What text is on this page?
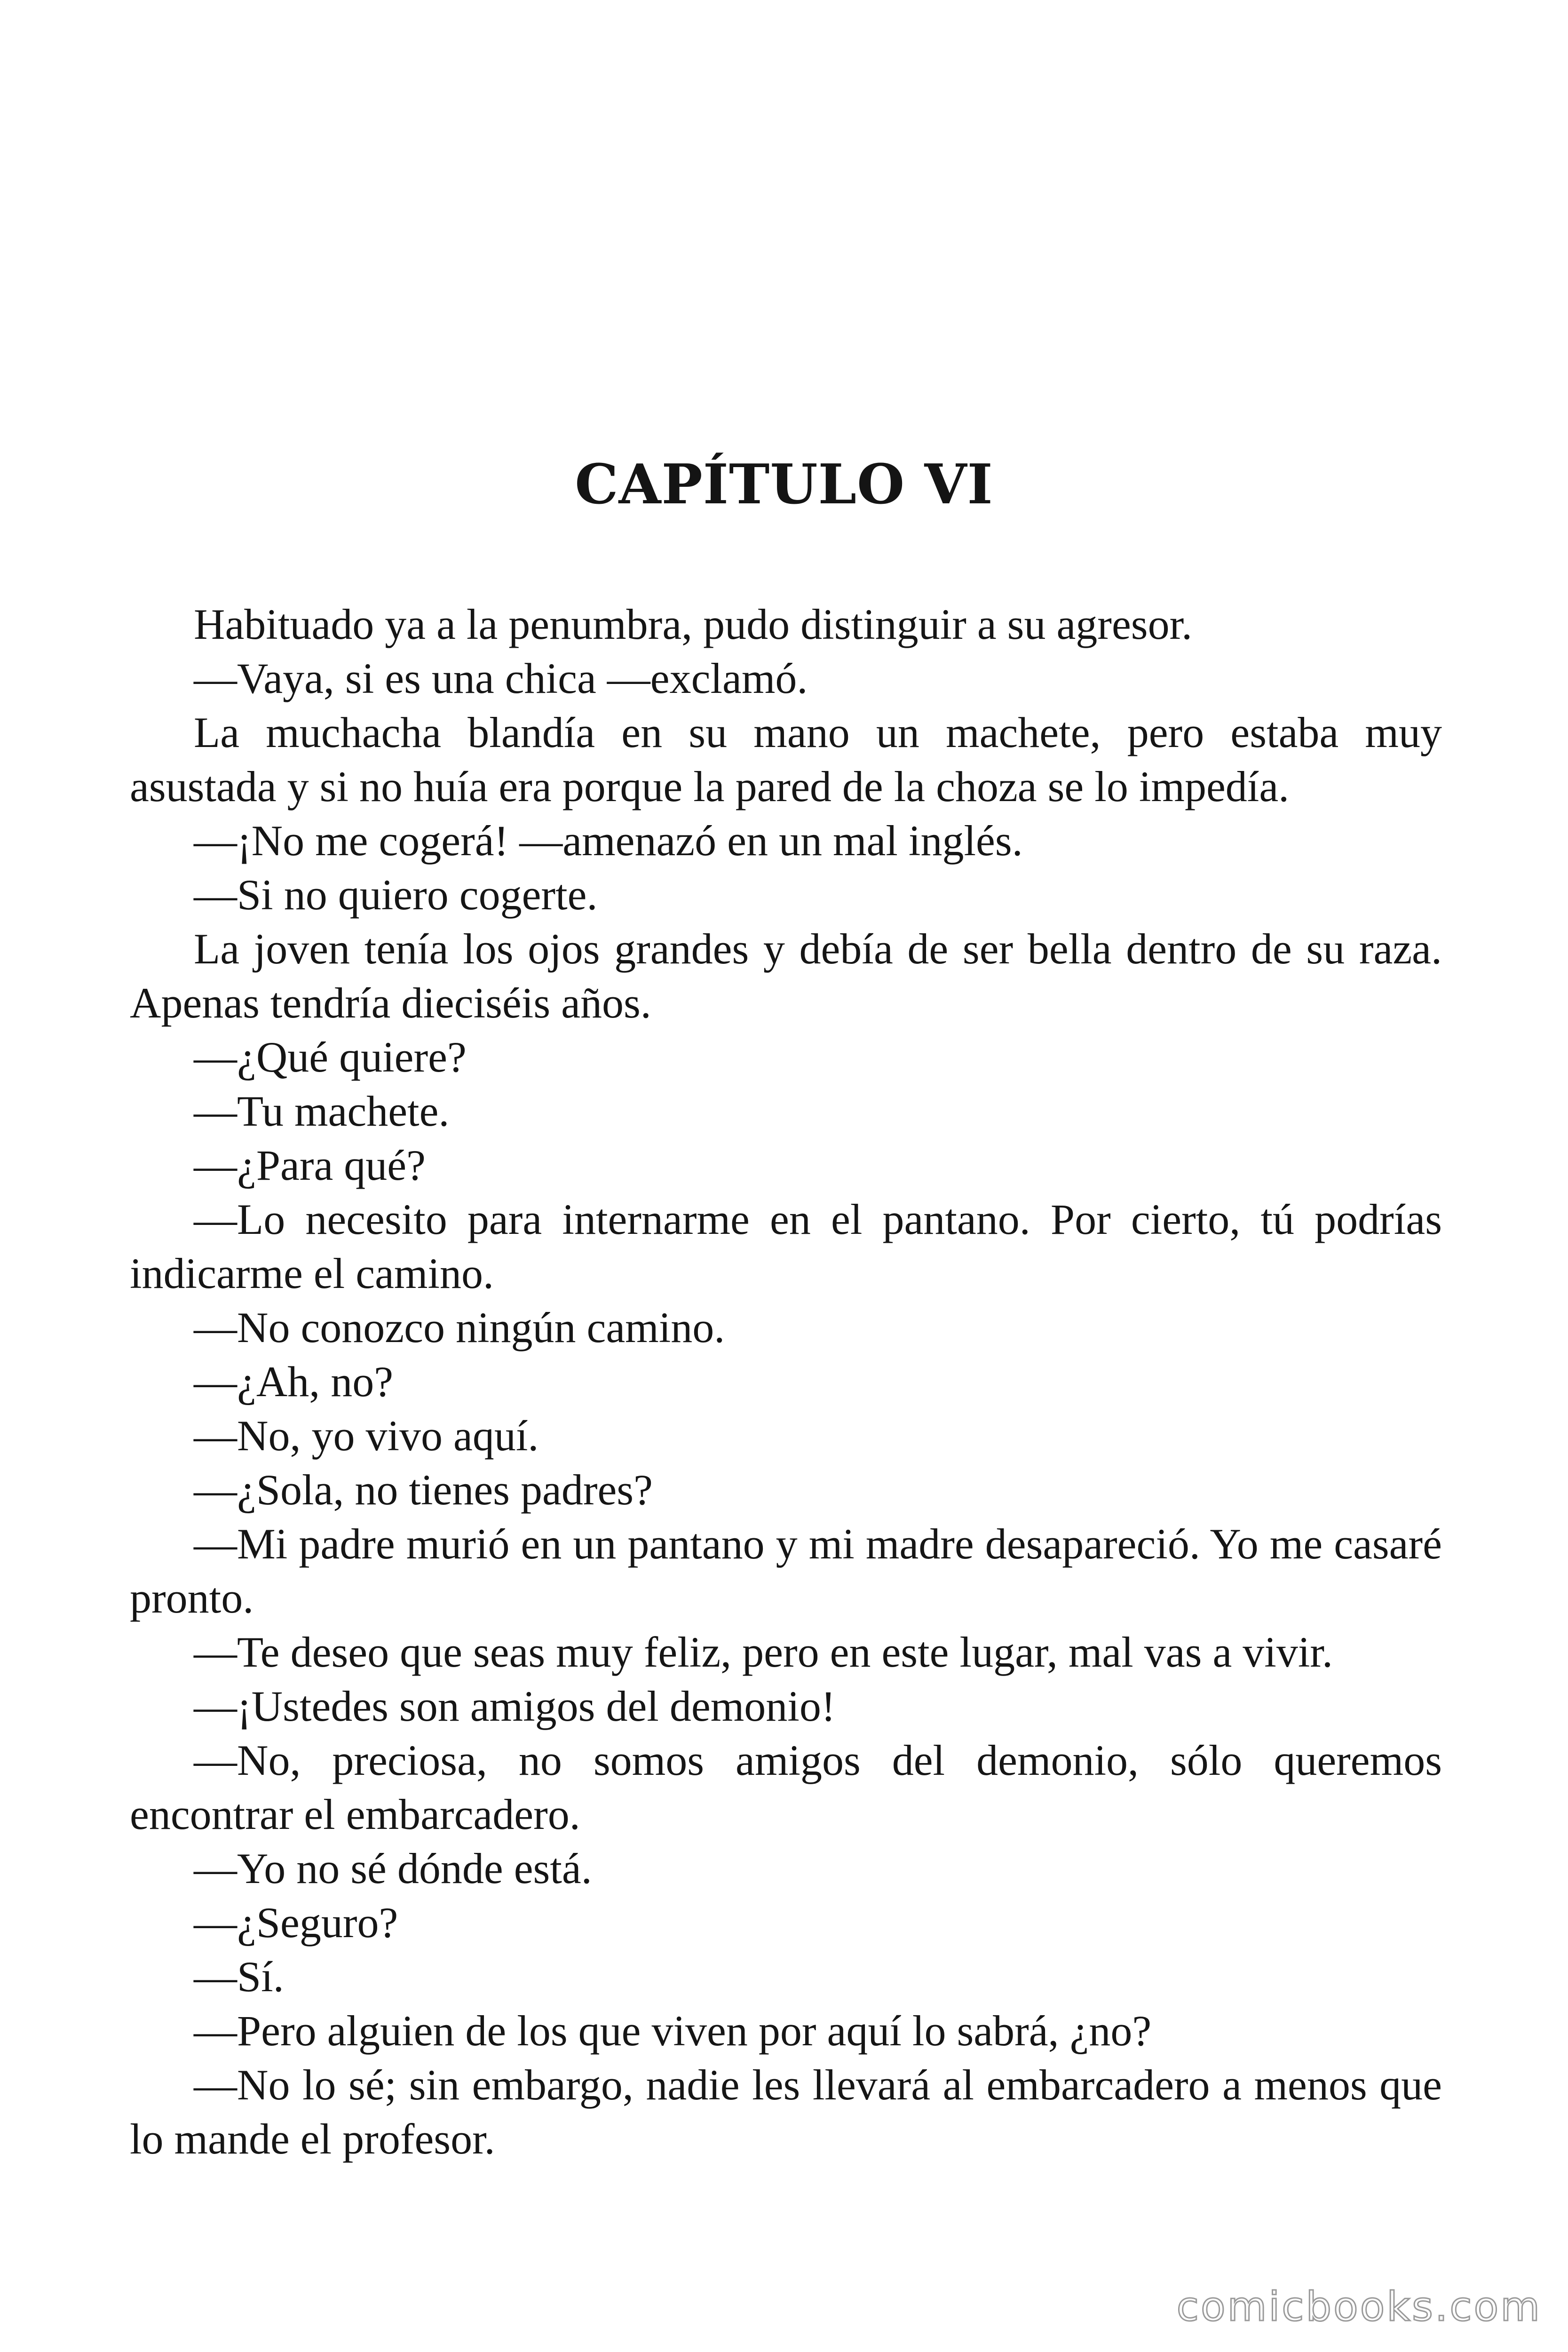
CAPÍTULO VI

Habituado ya a la penumbra, pudo distinguir a su agresor.

—Vaya, si es una chica —exclamó.

La muchacha blandía en su mano un machete, pero estaba muy asustada y si no huía era porque la pared de la choza se lo impedía.

—¡No me cogerá! —amenazó en un mal inglés.

—Si no quiero cogerte.

La joven tenía los ojos grandes y debía de ser bella dentro de su raza. Apenas tendría dieciséis años.

—¿Qué quiere?

—Tu machete.

—¿Para qué?

—Lo necesito para internarme en el pantano. Por cierto, tú podrías indicarme el camino.

—No conozco ningún camino.

—¿Ah, no?

—No, yo vivo aquí.

—¿Sola, no tienes padres?

—Mi padre murió en un pantano y mi madre desapareció. Yo me casaré pronto.

—Te deseo que seas muy feliz, pero en este lugar, mal vas a vivir.

—¡Ustedes son amigos del demonio!

—No, preciosa, no somos amigos del demonio, sólo queremos encontrar el embarcadero.

—Yo no sé dónde está.

—¿Seguro?

—Sí.

—Pero alguien de los que viven por aquí lo sabrá, ¿no?

—No lo sé; sin embargo, nadie les llevará al embarcadero a menos que lo mande el profesor.

comicbooks.com
